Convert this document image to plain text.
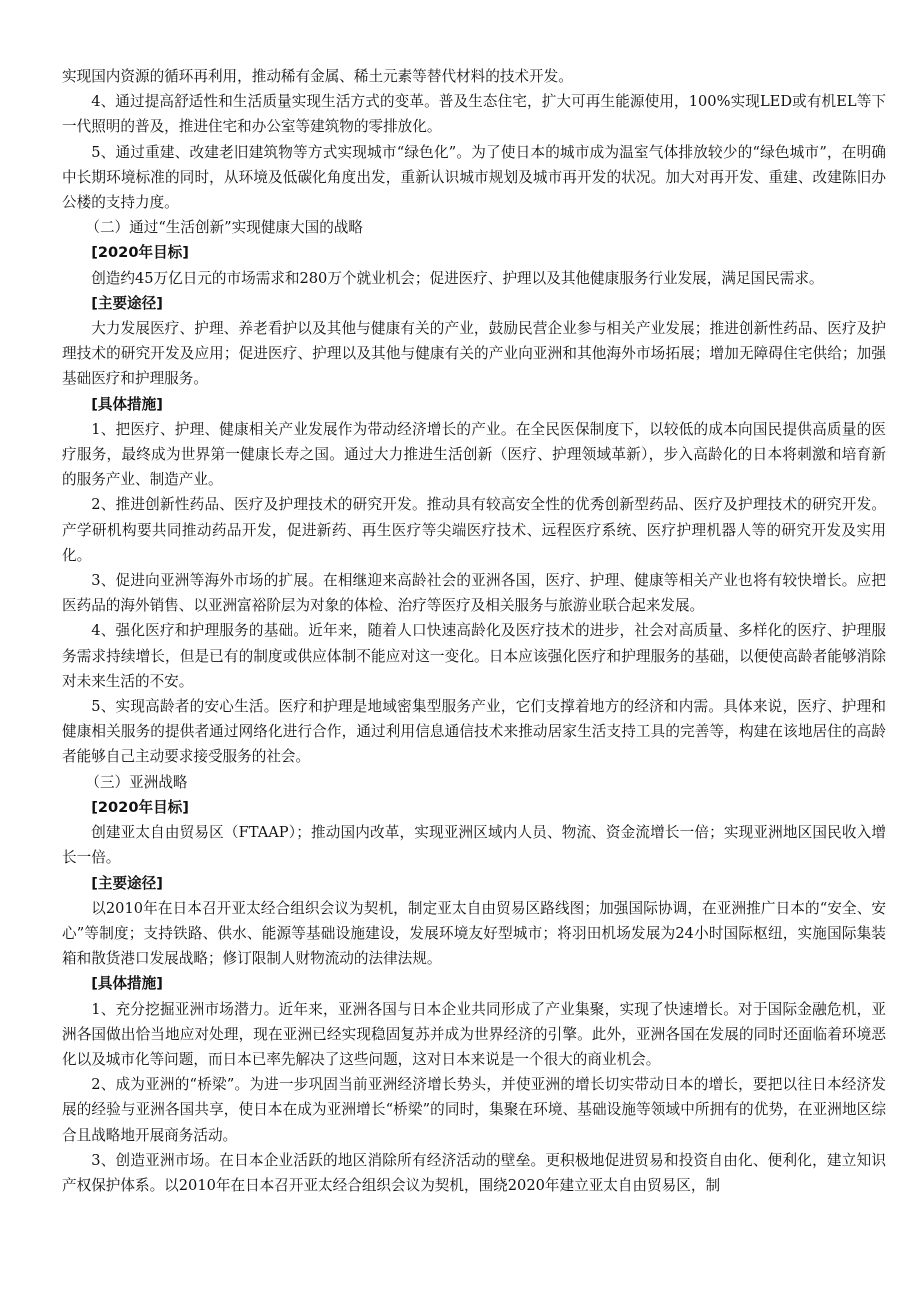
实现国内资源的循环再利用，推动稀有金属、稀土元素等替代材料的技术开发。

4、通过提高舒适性和生活质量实现生活方式的变革。普及生态住宅，扩大可再生能源使用，100%实现LED或有机EL等下一代照明的普及，推进住宅和办公室等建筑物的零排放化。

5、通过重建、改建老旧建筑物等方式实现城市“绿色化”。为了使日本的城市成为温室气体排放较少的“绿色城市”，在明确中长期环境标准的同时，从环境及低碳化角度出发，重新认识城市规划及城市再开发的状况。加大对再开发、重建、改建陈旧办公楼的支持力度。

（二）通过“生活创新”实现健康大国的战略

[2020年目标]

创造约45万亿日元的市场需求和280万个就业机会；促进医疗、护理以及其他健康服务行业发展，满足国民需求。

[主要途径]

大力发展医疗、护理、养老看护以及其他与健康有关的产业，鼓励民营企业参与相关产业发展；推进创新性药品、医疗及护理技术的研究开发及应用；促进医疗、护理以及其他与健康有关的产业向亚洲和其他海外市场拓展；增加无障碍住宅供给；加强基础医疗和护理服务。

[具体措施]

1、把医疗、护理、健康相关产业发展作为带动经济增长的产业。在全民医保制度下，以较低的成本向国民提供高质量的医疗服务，最终成为世界第一健康长寿之国。通过大力推进生活创新（医疗、护理领域革新），步入高龄化的日本将刺激和培育新的服务产业、制造产业。

2、推进创新性药品、医疗及护理技术的研究开发。推动具有较高安全性的优秀创新型药品、医疗及护理技术的研究开发。产学研机构要共同推动药品开发，促进新药、再生医疗等尖端医疗技术、远程医疗系统、医疗护理机器人等的研究开发及实用化。

3、促进向亚洲等海外市场的扩展。在相继迎来高龄社会的亚洲各国，医疗、护理、健康等相关产业也将有较快增长。应把医药品的海外销售、以亚洲富裕阶层为对象的体检、治疗等医疗及相关服务与旅游业联合起来发展。

4、强化医疗和护理服务的基础。近年来，随着人口快速高龄化及医疗技术的进步，社会对高质量、多样化的医疗、护理服务需求持续增长，但是已有的制度或供应体制不能应对这一变化。日本应该强化医疗和护理服务的基础，以便使高龄者能够消除对未来生活的不安。

5、实现高龄者的安心生活。医疗和护理是地域密集型服务产业，它们支撑着地方的经济和内需。具体来说，医疗、护理和健康相关服务的提供者通过网络化进行合作，通过利用信息通信技术来推动居家生活支持工具的完善等，构建在该地居住的高龄者能够自己主动要求接受服务的社会。

（三）亚洲战略

[2020年目标]

创建亚太自由贸易区（FTAAP）；推动国内改革，实现亚洲区域内人员、物流、资金流增长一倍；实现亚洲地区国民收入增长一倍。

[主要途径]

以2010年在日本召开亚太经合组织会议为契机，制定亚太自由贸易区路线图；加强国际协调，在亚洲推广日本的“安全、安心”等制度；支持铁路、供水、能源等基础设施建设，发展环境友好型城市；将羽田机场发展为24小时国际枢纽，实施国际集装箱和散货港口发展战略；修订限制人财物流动的法律法规。

[具体措施]

1、充分挖掘亚洲市场潜力。近年来，亚洲各国与日本企业共同形成了产业集聚，实现了快速增长。对于国际金融危机，亚洲各国做出恰当地应对处理，现在亚洲已经实现稳固复苏并成为世界经济的引擎。此外，亚洲各国在发展的同时还面临着环境恶化以及城市化等问题，而日本已率先解决了这些问题，这对日本来说是一个很大的商业机会。

2、成为亚洲的“桥梁”。为进一步巩固当前亚洲经济增长势头，并使亚洲的增长切实带动日本的增长，要把以往日本经济发展的经验与亚洲各国共享，使日本在成为亚洲增长“桥梁”的同时，集聚在环境、基础设施等领域中所拥有的优势，在亚洲地区综合且战略地开展商务活动。

3、创造亚洲市场。在日本企业活跃的地区消除所有经济活动的壁垒。更积极地促进贸易和投资自由化、便利化，建立知识产权保护体系。以2010年在日本召开亚太经合组织会议为契机，围绕2020年建立亚太自由贸易区，制
